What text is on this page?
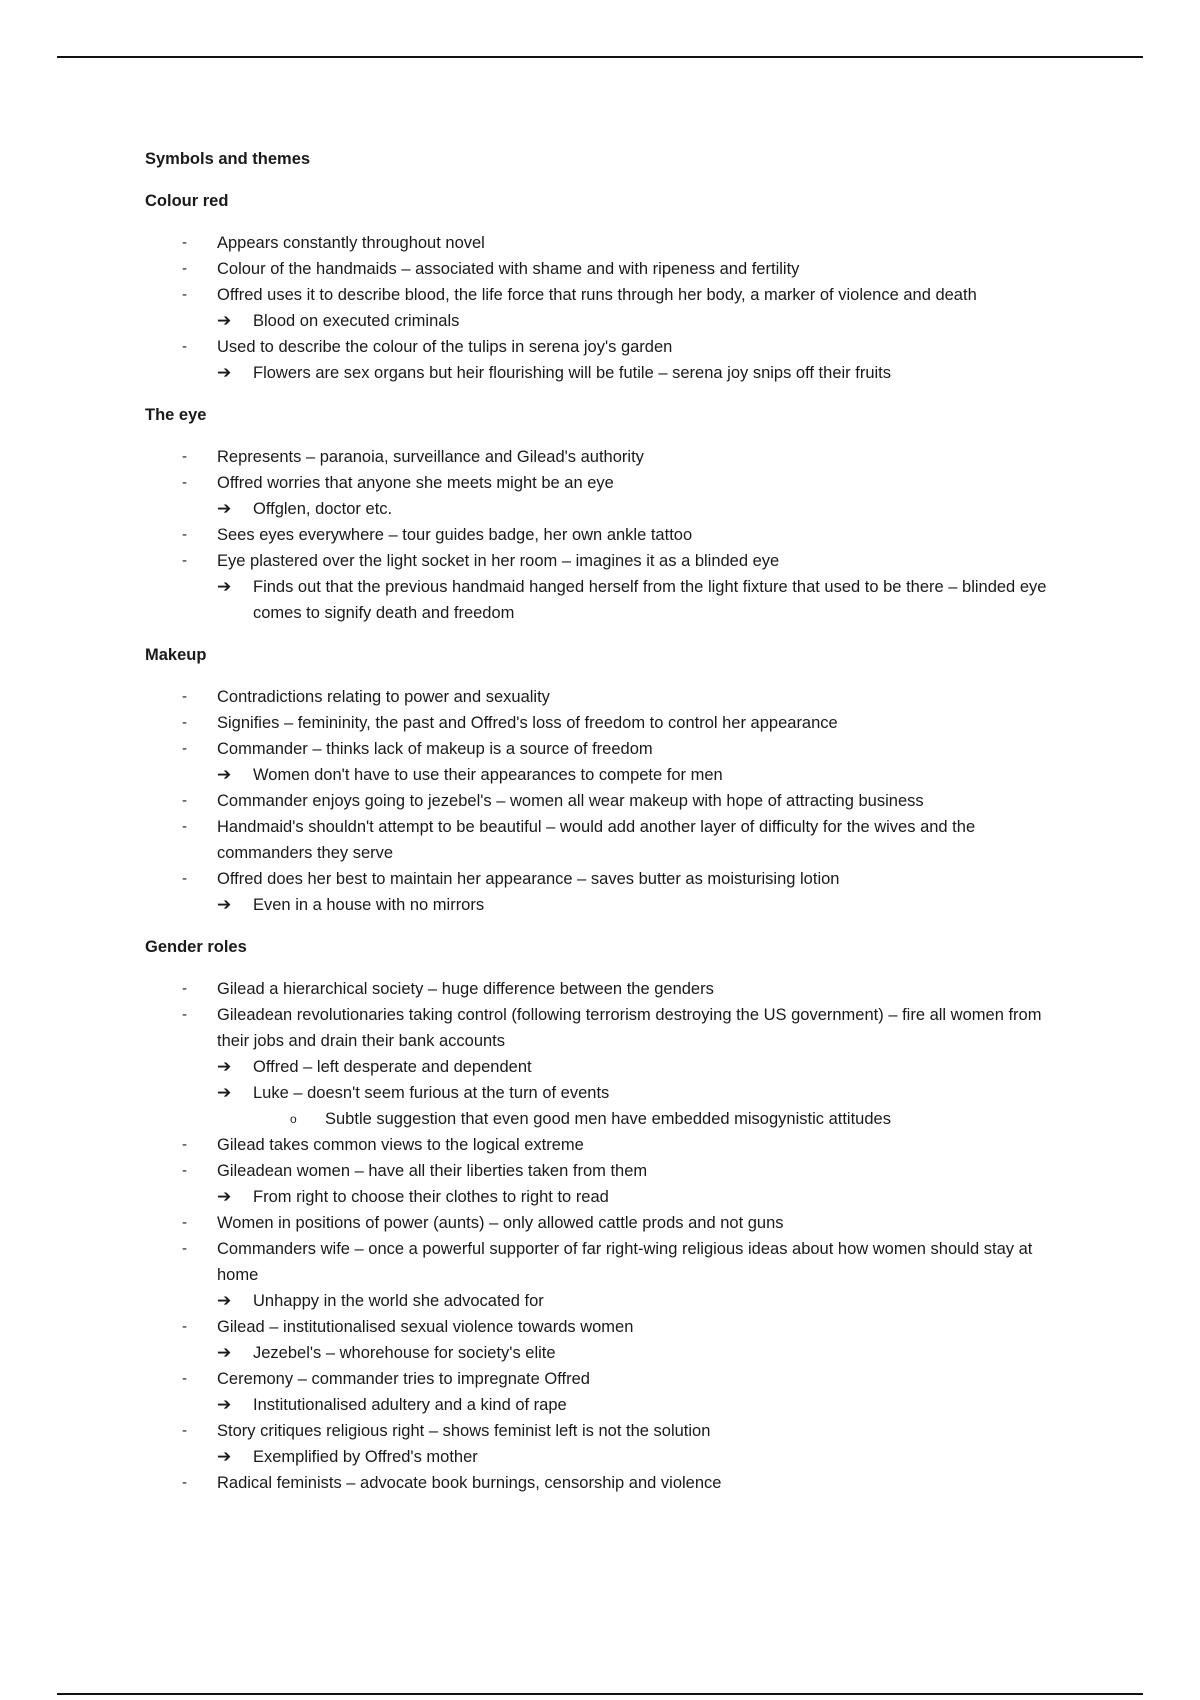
Symbols and themes
Colour red
- Appears constantly throughout novel
- Colour of the handmaids – associated with shame and with ripeness and fertility
- Offred uses it to describe blood, the life force that runs through her body, a marker of violence and death
➔ Blood on executed criminals
- Used to describe the colour of the tulips in serena joy's garden
➔ Flowers are sex organs but heir flourishing will be futile – serena joy snips off their fruits
The eye
- Represents – paranoia, surveillance and Gilead's authority
- Offred worries that anyone she meets might be an eye
➔ Offglen, doctor etc.
- Sees eyes everywhere – tour guides badge, her own ankle tattoo
- Eye plastered over the light socket in her room – imagines it as a blinded eye
➔ Finds out that the previous handmaid hanged herself from the light fixture that used to be there – blinded eye comes to signify death and freedom
Makeup
- Contradictions relating to power and sexuality
- Signifies – femininity, the past and Offred's loss of freedom to control her appearance
- Commander – thinks lack of makeup is a source of freedom
➔ Women don't have to use their appearances to compete for men
- Commander enjoys going to jezebel's – women all wear makeup with hope of attracting business
- Handmaid's shouldn't attempt to be beautiful – would add another layer of difficulty for the wives and the commanders they serve
- Offred does her best to maintain her appearance – saves butter as moisturising lotion
➔ Even in a house with no mirrors
Gender roles
- Gilead a hierarchical society – huge difference between the genders
- Gileadean revolutionaries taking control (following terrorism destroying the US government) – fire all women from their jobs and drain their bank accounts
➔ Offred – left desperate and dependent
➔ Luke – doesn't seem furious at the turn of events
o Subtle suggestion that even good men have embedded misogynistic attitudes
- Gilead takes common views to the logical extreme
- Gileadean women – have all their liberties taken from them
➔ From right to choose their clothes to right to read
- Women in positions of power (aunts) – only allowed cattle prods and not guns
- Commanders wife – once a powerful supporter of far right-wing religious ideas about how women should stay at home
➔ Unhappy in the world she advocated for
- Gilead – institutionalised sexual violence towards women
➔ Jezebel's – whorehouse for society's elite
- Ceremony – commander tries to impregnate Offred
➔ Institutionalised adultery and a kind of rape
- Story critiques religious right – shows feminist left is not the solution
➔ Exemplified by Offred's mother
- Radical feminists – advocate book burnings, censorship and violence
